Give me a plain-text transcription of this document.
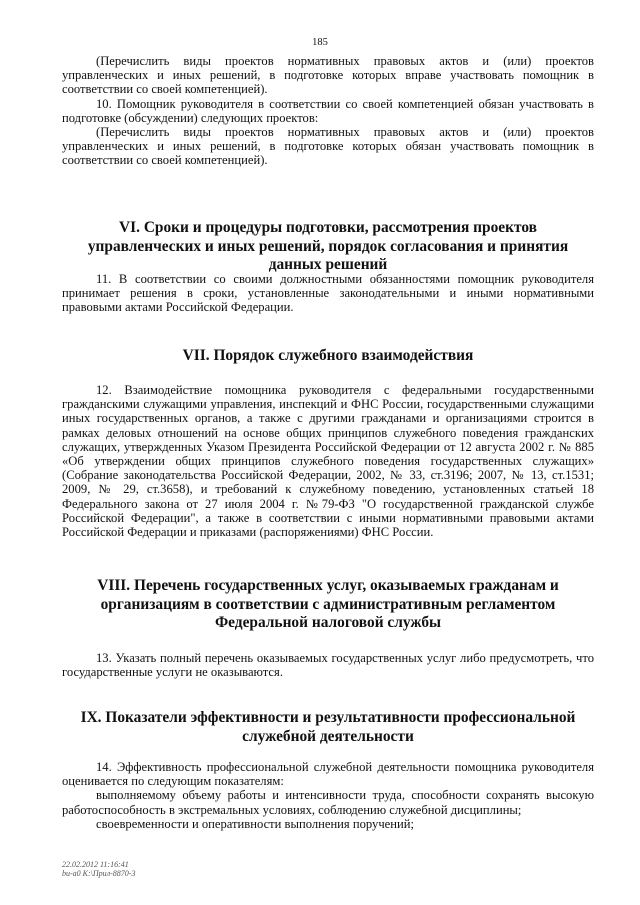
185

(Перечислить виды проектов нормативных правовых актов и (или) проектов управленческих и иных решений, в подготовке которых вправе участвовать помощник в соответствии со своей компетенцией).

10. Помощник руководителя в соответствии со своей компетенцией обязан участвовать в подготовке (обсуждении) следующих проектов:

(Перечислить виды проектов нормативных правовых актов и (или) проектов управленческих и иных решений, в подготовке которых обязан участвовать помощник в соответствии со своей компетенцией).

VI. Сроки и процедуры подготовки, рассмотрения проектов управленческих и иных решений, порядок согласования и принятия данных решений

11. В соответствии со своими должностными обязанностями помощник руководителя принимает решения в сроки, установленные законодательными и иными нормативными правовыми актами Российской Федерации.

VII. Порядок служебного взаимодействия

12. Взаимодействие помощника руководителя с федеральными государственными гражданскими служащими управления, инспекций и ФНС России, государственными служащими иных государственных органов, а также с другими гражданами и организациями строится в рамках деловых отношений на основе общих принципов служебного поведения гражданских служащих, утвержденных Указом Президента Российской Федерации от 12 августа 2002 г. № 885 «Об утверждении общих принципов служебного поведения государственных служащих» (Собрание законодательства Российской Федерации, 2002, № 33, ст.3196; 2007, № 13, ст.1531; 2009, № 29, ст.3658), и требований к служебному поведению, установленных статьей 18 Федерального закона от 27 июля 2004 г. №79-ФЗ "О государственной гражданской службе Российской Федерации", а также в соответствии с иными нормативными правовыми актами Российской Федерации и приказами (распоряжениями) ФНС России.

VIII. Перечень государственных услуг, оказываемых гражданам и организациям в соответствии с административным регламентом Федеральной налоговой службы

13. Указать полный перечень оказываемых государственных услуг либо предусмотреть, что государственные услуги не оказываются.

IX. Показатели эффективности и результативности профессиональной служебной деятельности

14. Эффективность профессиональной служебной деятельности помощника руководителя оценивается по следующим показателям:

выполняемому объему работы и интенсивности труда, способности сохранять высокую работоспособность в экстремальных условиях, соблюдению служебной дисциплины;

своевременности и оперативности выполнения поручений;

22.02.2012 11:16:41
bu-a0 К:\Прил-8870-3
